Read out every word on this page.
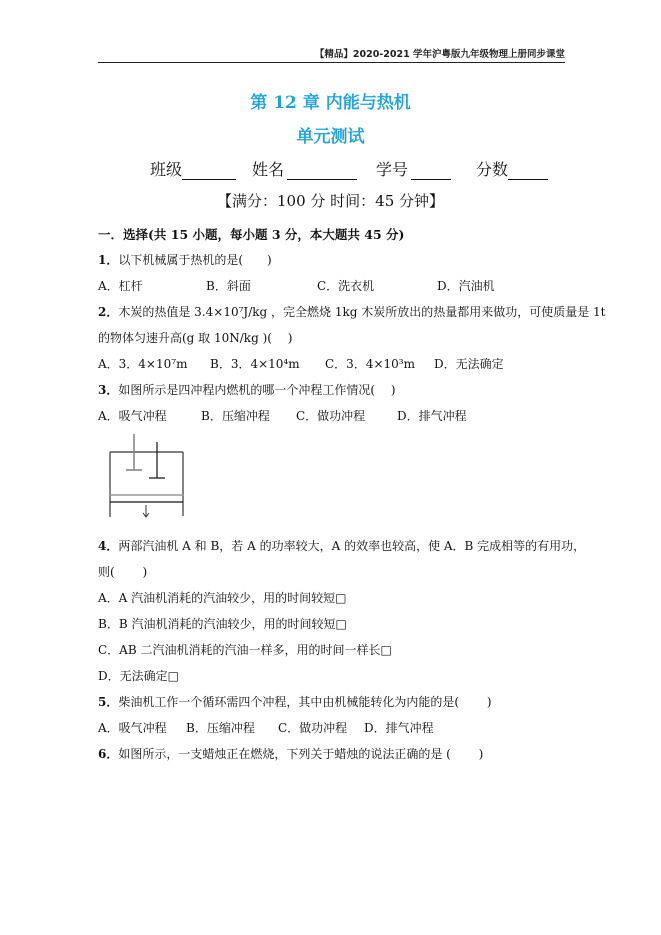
【精品】2020-2021 学年沪粤版九年级物理上册同步课堂
第 12 章 内能与热机
单元测试
班级	姓名	学号	分数
【满分：100 分 时间：45 分钟】
一．选择(共 15 小题，每小题 3 分，本大题共 45 分)
1．以下机械属于热机的是(　　)
A．杠杆	B．斜面	C．洗衣机	D．汽油机
2．木炭的热值是 3.4×10⁷J/kg ，完全燃烧 1kg 木炭所放出的热量都用来做功，可使质量是 1t
的物体匀速升高(g 取 10N/kg )(　 )
A．3．4×10⁷m B．3．4×10⁴m C．3．4×10³m D．无法确定
3．如图所示是四冲程内燃机的哪一个冲程工作情况(　 )
A．吸气冲程	B．压缩冲程 C．做功冲程	D．排气冲程
4．两部汽油机 A 和 B，若 A 的功率较大，A 的效率也较高，使 A．B 完成相等的有用功，
则(　　 )
A．A 汽油机消耗的汽油较少，用的时间较短□
B．B 汽油机消耗的汽油较少，用的时间较短□
C．AB 二汽油机消耗的汽油一样多，用的时间一样长□
D．无法确定□
5．柴油机工作一个循环需四个冲程，其中由机械能转化为内能的是(　　 )
A．吸气冲程 B．压缩冲程 C．做功冲程 D．排气冲程
6．如图所示，一支蜡烛正在燃烧，下列关于蜡烛的说法正确的是 (　　 )
